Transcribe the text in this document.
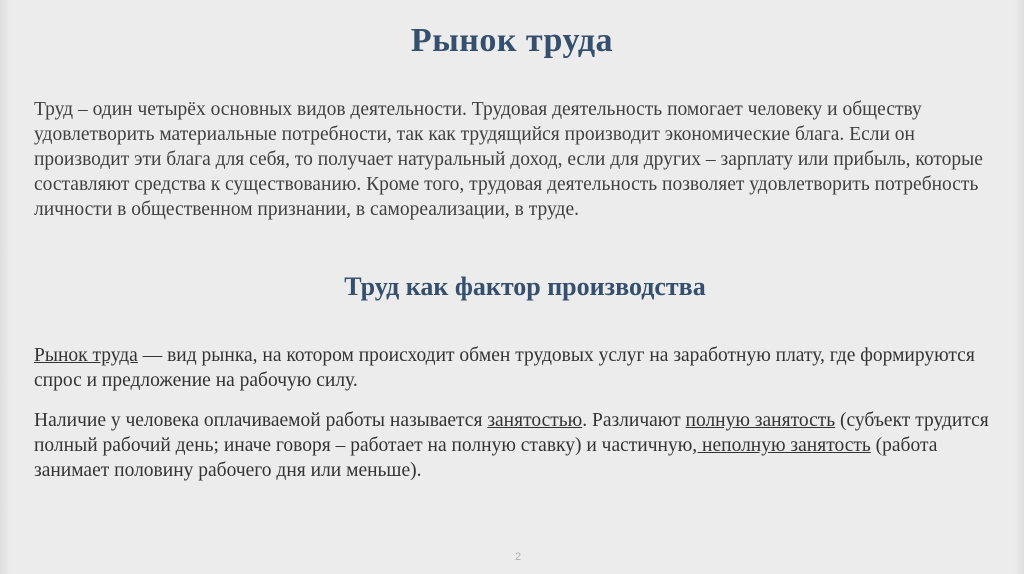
Рынок труда

Труд – один четырёх основных видов деятельности. Трудовая деятельность помогает человеку и обществу удовлетворить материальные потребности, так как трудящийся производит экономические блага. Если он производит эти блага для себя, то получает натуральный доход, если для других – зарплату или прибыль, которые составляют средства к существованию. Кроме того, трудовая деятельность позволяет удовлетворить потребность личности в общественном признании, в самореализации, в труде.

Труд как фактор производства

Рынок труда — вид рынка, на котором происходит обмен трудовых услуг на заработную плату, где формируются спрос и предложение на рабочую силу.

Наличие у человека оплачиваемой работы называется занятостью. Различают полную занятость (субъект трудится полный рабочий день; иначе говоря – работает на полную ставку) и частичную, неполную занятость (работа занимает половину рабочего дня или меньше).

2
